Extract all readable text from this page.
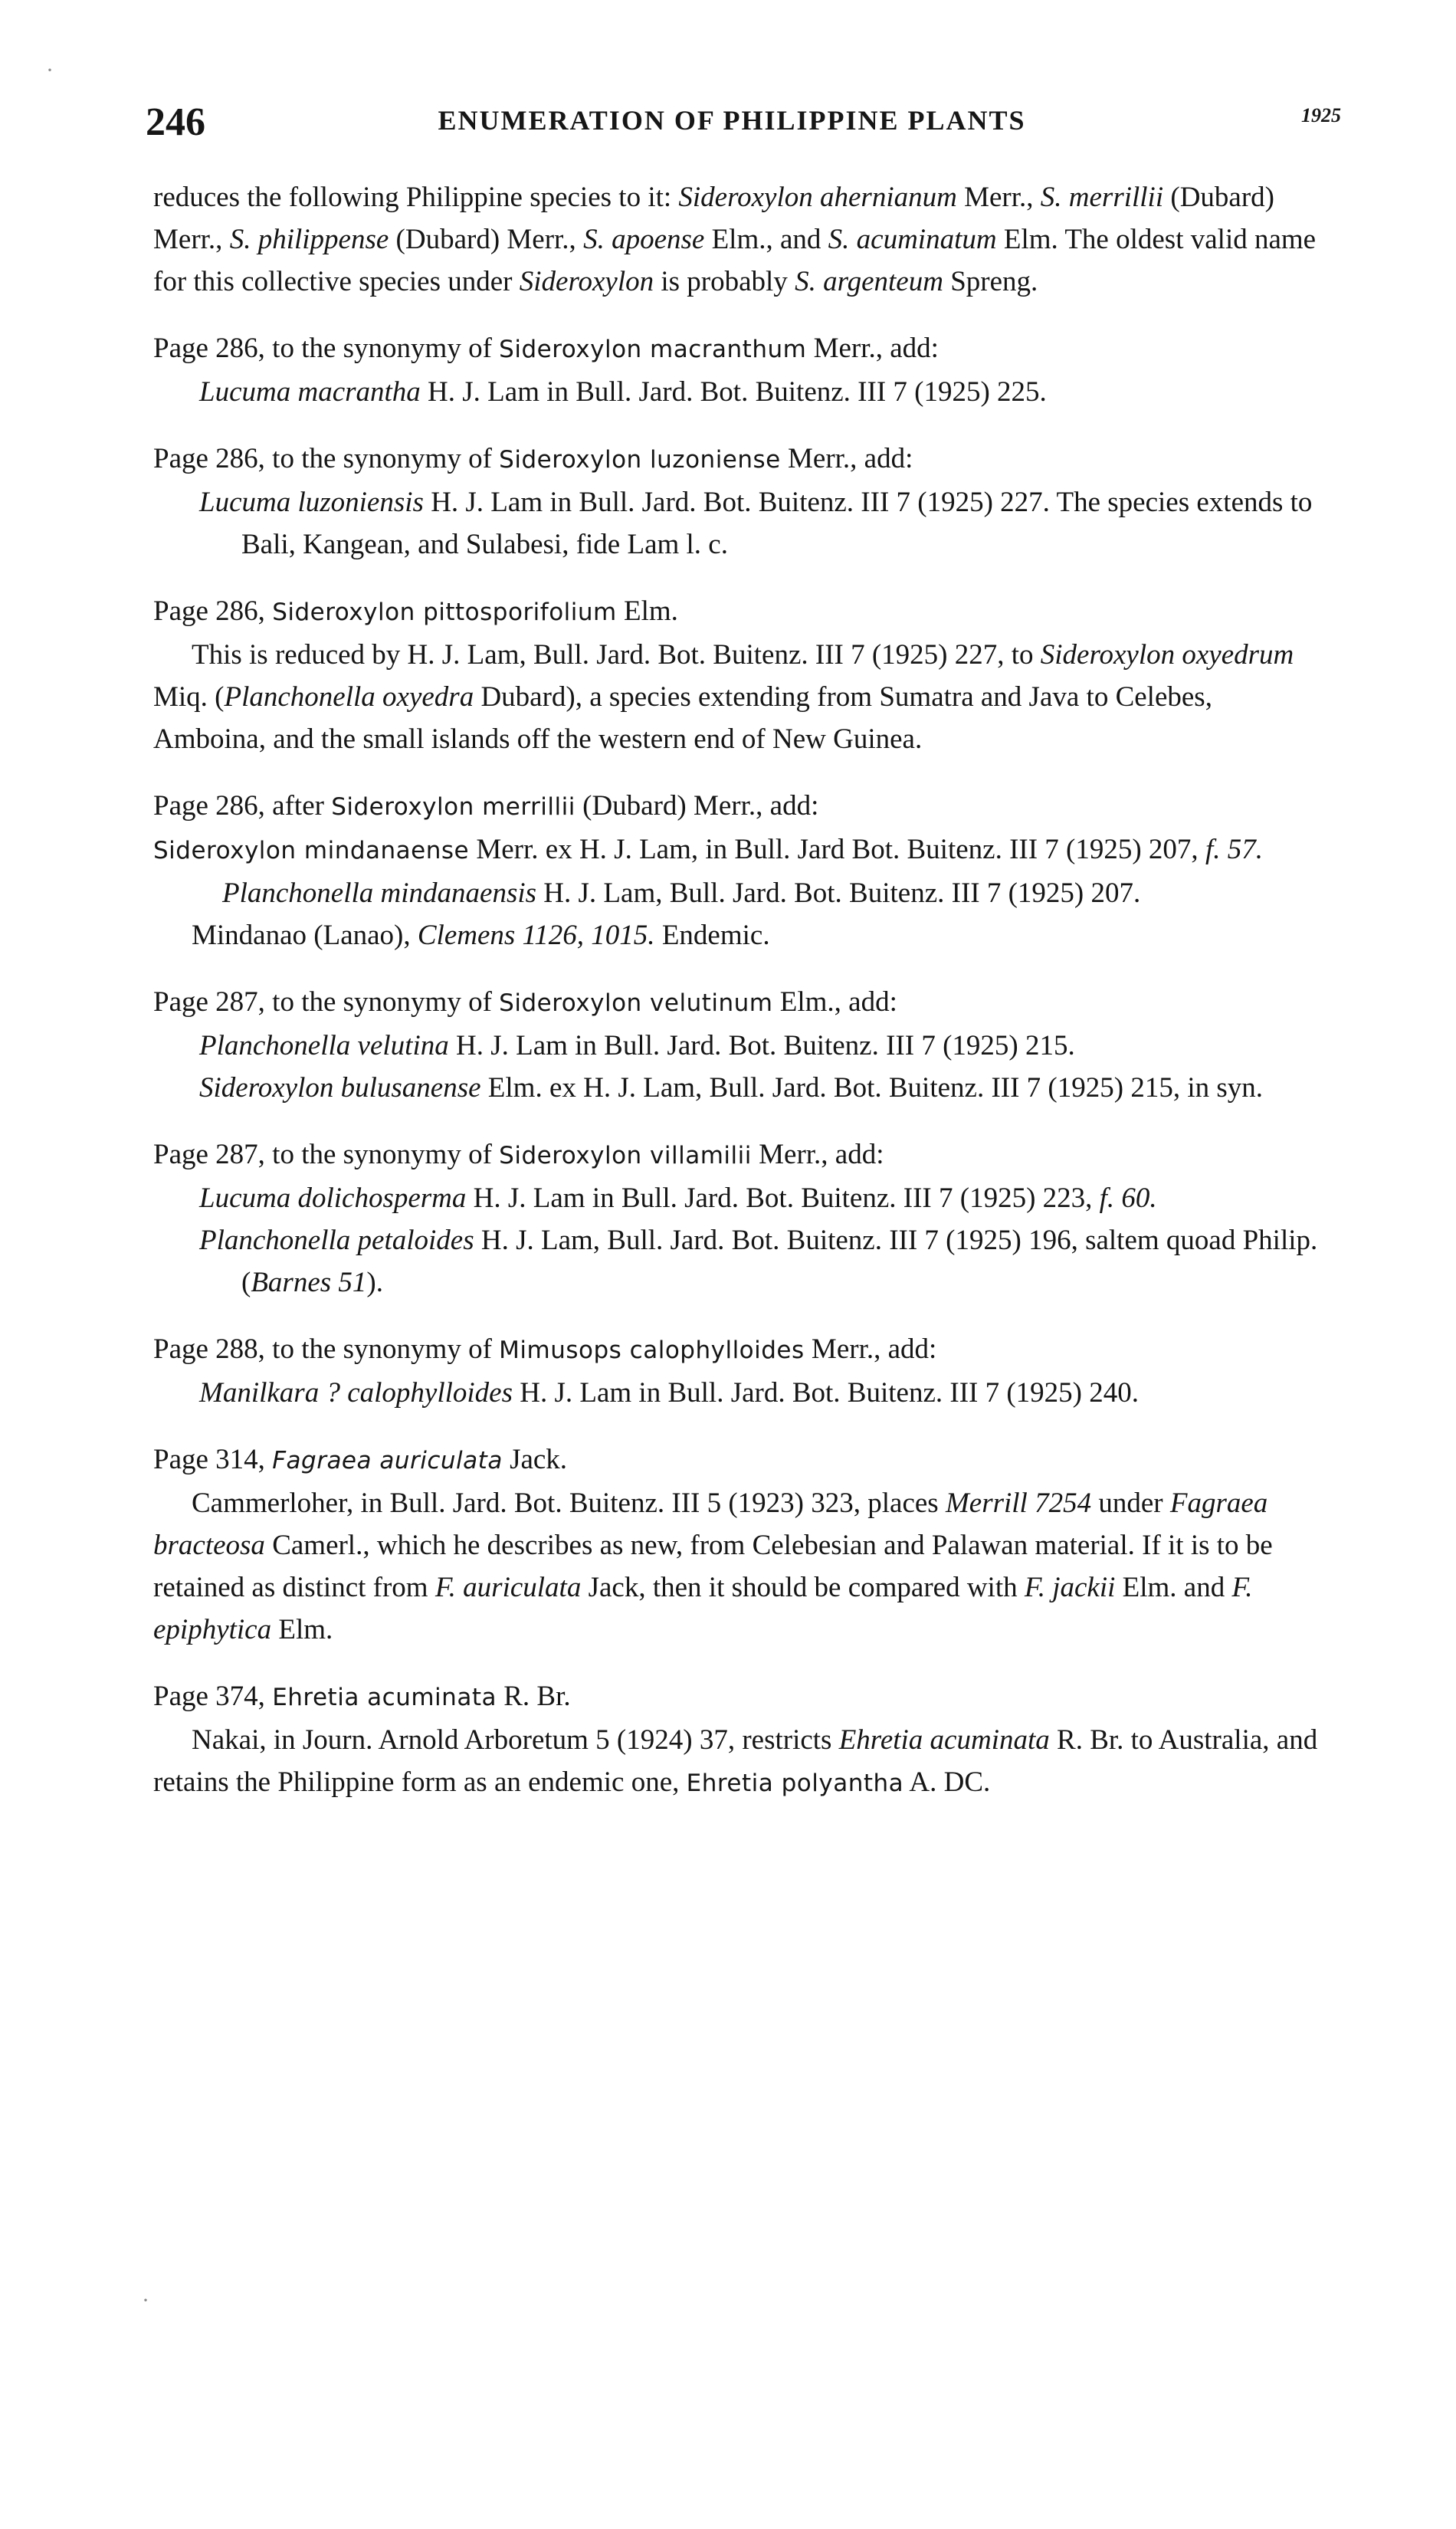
246	ENUMERATION OF PHILIPPINE PLANTS	1925
·
·

reduces the following Philippine species to it: Sideroxylon ahernianum Merr., S. merrillii (Dubard) Merr., S. philippense (Dubard) Merr., S. apoense Elm., and S. acuminatum Elm. The oldest valid name for this collective species under Sideroxylon is probably S. argenteum Spreng.

Page 286, to the synonymy of Sideroxylon macranthum Merr., add:

Lucuma macrantha H. J. Lam in Bull. Jard. Bot. Buitenz. III 7 (1925) 225.

Page 286, to the synonymy of Sideroxylon luzoniense Merr., add:

Lucuma luzoniensis H. J. Lam in Bull. Jard. Bot. Buitenz. III 7 (1925) 227. The species extends to Bali, Kangean, and Sulabesi, fide Lam l. c.

Page 286, Sideroxylon pittosporifolium Elm.

This is reduced by H. J. Lam, Bull. Jard. Bot. Buitenz. III 7 (1925) 227, to Sideroxylon oxyedrum Miq. (Planchonella oxyedra Dubard), a species extending from Sumatra and Java to Celebes, Amboina, and the small islands off the western end of New Guinea.

Page 286, after Sideroxylon merrillii (Dubard) Merr., add:

Sideroxylon mindanaense Merr. ex H. J. Lam, in Bull. Jard Bot. Buitenz. III 7 (1925) 207, f. 57.

Planchonella mindanaensis H. J. Lam, Bull. Jard. Bot. Buitenz. III 7 (1925) 207.

Mindanao (Lanao), Clemens 1126, 1015. Endemic.

Page 287, to the synonymy of Sideroxylon velutinum Elm., add:

Planchonella velutina H. J. Lam in Bull. Jard. Bot. Buitenz. III 7 (1925) 215.

Sideroxylon bulusanense Elm. ex H. J. Lam, Bull. Jard. Bot. Buitenz. III 7 (1925) 215, in syn.

Page 287, to the synonymy of Sideroxylon villamilii Merr., add:

Lucuma dolichosperma H. J. Lam in Bull. Jard. Bot. Buitenz. III 7 (1925) 223, f. 60.

Planchonella petaloides H. J. Lam, Bull. Jard. Bot. Buitenz. III 7 (1925) 196, saltem quoad Philip. (Barnes 51).

Page 288, to the synonymy of Mimusops calophylloides Merr., add:

Manilkara ? calophylloides H. J. Lam in Bull. Jard. Bot. Buitenz. III 7 (1925) 240.

Page 314, Fagraea auriculata Jack.

Cammerloher, in Bull. Jard. Bot. Buitenz. III 5 (1923) 323, places Merrill 7254 under Fagraea bracteosa Camerl., which he describes as new, from Celebesian and Palawan material. If it is to be retained as distinct from F. auriculata Jack, then it should be compared with F. jackii Elm. and F. epiphytica Elm.

Page 374, Ehretia acuminata R. Br.

Nakai, in Journ. Arnold Arboretum 5 (1924) 37, restricts Ehretia acuminata R. Br. to Australia, and retains the Philippine form as an endemic one, Ehretia polyantha A. DC.
